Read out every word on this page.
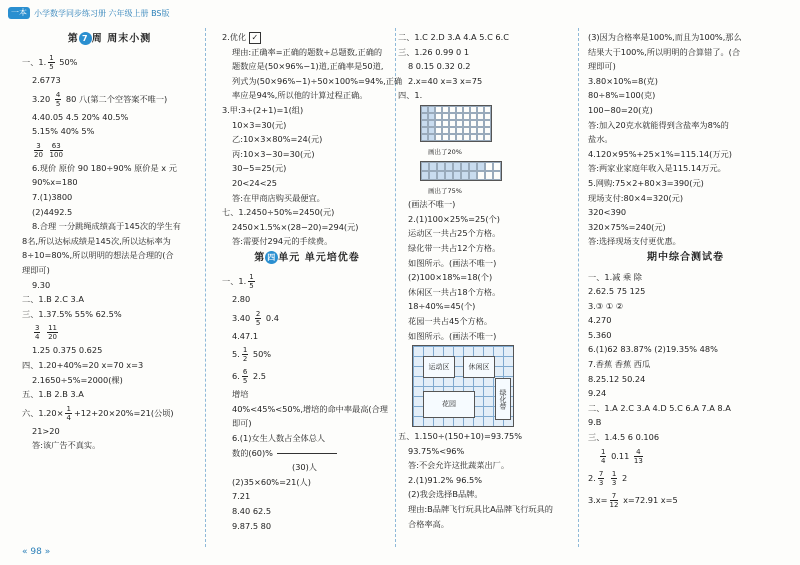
一本 小学数学同步练习册 六年级上册 BS版
第 7 周 周末小测
一、1. $\frac{1}{5} 50\%$
2.6773
$3.20 \frac{4}{5} 80$ 八(第二个空答案不唯一)
4.40.05 4.5 20% 40.5%
5.15% 40% 5%
$\frac{3}{20}$
$\frac{63}{100}$
6.现价 原价 90 180÷90% 原价是 x 元
90%x=180
7.(1)3800
(2)4492.5
8.合理 一分跳绳成绩高于145次的学生有
8名,所以达标成绩是145次,所以达标率为
8÷10=80%,所以明明的想法是合理的(合
理即可)
9.30
二、1.B 2.C 3.A
三、1.37.5% 55% 62.5%
$\frac{3}{4}$
$\frac{11}{20}$
1.25 0.375 0.625
四、1.20+40%=20 x=70 x=3
2.1650÷5%=2000(棵)
五、1.B 2.B 3.A
六、$1.20\times \frac{1}{4} +12+20\times 20\%=21$(公顷)
21>20
答:该广告不真实。
2.优化 ✓
理由:正确率=正确的题数÷总题数,正确的
题数应是(50×96%−1)道,正确率是50道,
列式为(50×96%−1)÷50×100%=94%,正确
率应是94%,所以他的计算过程正确。
3.甲:3÷(2+1)=1(组)
10×3=30(元)
乙:10×3×80%=24(元)
丙:10×3−30=30(元)
30−5=25(元)
20<24<25
答:在甲商店购买最便宜。
七、1.2450÷50%=2450(元)
2450×1.5%×(28−20)=294(元)
答:需要付294元的手续费。
第 四 单元 单元培优卷
一、1. $\frac{1}{5}$
2.80
$3.40 \frac{2}{5} 0.4$
4.47.1
5. $\frac{1}{2} 50\%$
6. $\frac{6}{5} 2.5$
增培
40%<45%<50%,增培的命中率最高(合理
即可)
6.(1)女生人数占全体总人
数的(60)%
(30)人
(2)35×60%=21(人)
7.21
8.40 62.5
9.87.5 80
二、1.C 2.D 3.A 4.A 5.C 6.C
三、1.26 0.99 0 1
8 0.15 0.32 0.2
2.x=40 x=3 x=75
四、1.
画出了20%
画出了75%
(画法不唯一)
2.(1)100×25%=25(个)
运动区一共占25个方格。
绿化带一共占12个方格。
如图所示。(画法不唯一)
(2)100×18%=18(个)
休闲区一共占18个方格。
18÷40%=45(个)
花园一共占45个方格。
如图所示。(画法不唯一)
运动区	休闲区
花园	绿化带
五、1.150÷(150+10)=93.75%
93.75%<96%
答:不会允许这批蔬菜出厂。
2.(1)91.2% 96.5%
(2)我会选择B品牌。
理由:B品牌飞行玩具比A品牌飞行玩具的
合格率高。
(3)因为合格率是100%,而且为100%,那么
结果大于100%,所以明明的合算错了。(合
理即可)
3.80×10%=8(克)
80÷8%=100(克)
100−80=20(克)
答:加入20克水就能得到含盐率为8%的
盐水。
4.120×95%+25×1%=115.14(万元)
答:两家业家庭年收入是115.14万元。
5.网购:75×2+80×3=390(元)
现场支付:80×4=320(元)
320<390
320×75%=240(元)
答:选择现场支付更优惠。
期中综合测试卷
一、1.减 乘 除
2.62.5 75 125
3.③ ① ②
4.270
5.360
6.(1)62 83.87% (2)19.35% 48%
7.香蕉 香蕉 西瓜
8.25.12 50.24
9.24
二、1.A 2.C 3.A 4.D 5.C 6.A 7.A 8.A
9.B
三、1.4.5 6 0.106
$\frac{1}{4} 0.11 \frac{4}{13}$
2. $\frac{7}{3}$
$\frac{1}{3} 2$
$3.x= \frac{7}{12} x=72.91$ x=5
« 98 »
